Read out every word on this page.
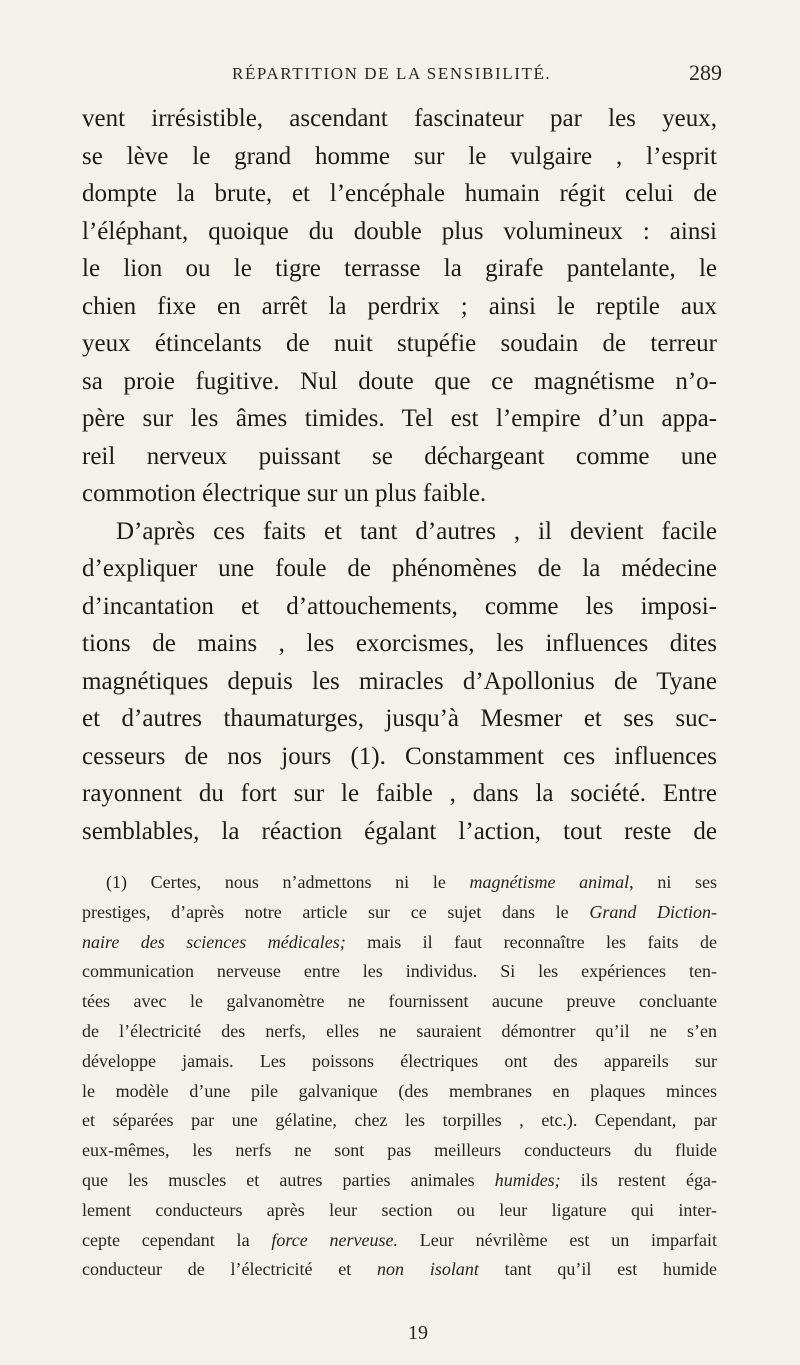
RÉPARTITION DE LA SENSIBILITÉ.	289
vent irrésistible, ascendant fascinateur par les yeux,
se lève le grand homme sur le vulgaire , l’esprit
dompte la brute, et l’encéphale humain régit celui de
l’éléphant, quoique du double plus volumineux : ainsi
le lion ou le tigre terrasse la girafe pantelante, le
chien fixe en arrêt la perdrix ; ainsi le reptile aux
yeux étincelants de nuit stupéfie soudain de terreur
sa proie fugitive. Nul doute que ce magnétisme n’o-
père sur les âmes timides. Tel est l’empire d’un appa-
reil nerveux puissant se déchargeant comme une
commotion électrique sur un plus faible.
D’après ces faits et tant d’autres , il devient facile
d’expliquer une foule de phénomènes de la médecine
d’incantation et d’attouchements, comme les imposi-
tions de mains , les exorcismes, les influences dites
magnétiques depuis les miracles d’Apollonius de Tyane
et d’autres thaumaturges, jusqu’à Mesmer et ses suc-
cesseurs de nos jours (1). Constamment ces influences
rayonnent du fort sur le faible , dans la société. Entre
semblables, la réaction égalant l’action, tout reste de
(1) Certes, nous n’admettons ni le magnétisme animal, ni ses
prestiges, d’après notre article sur ce sujet dans le Grand Diction-
naire des sciences médicales; mais il faut reconnaître les faits de
communication nerveuse entre les individus. Si les expériences ten-
tées avec le galvanomètre ne fournissent aucune preuve concluante
de l’électricité des nerfs, elles ne sauraient démontrer qu’il ne s’en
développe jamais. Les poissons électriques ont des appareils sur
le modèle d’une pile galvanique (des membranes en plaques minces
et séparées par une gélatine, chez les torpilles , etc.). Cependant, par
eux-mêmes, les nerfs ne sont pas meilleurs conducteurs du fluide
que les muscles et autres parties animales humides; ils restent éga-
lement conducteurs après leur section ou leur ligature qui inter-
cepte cependant la force nerveuse. Leur névrilème est un imparfait
conducteur de l’électricité et non isolant tant qu’il est humide
19
